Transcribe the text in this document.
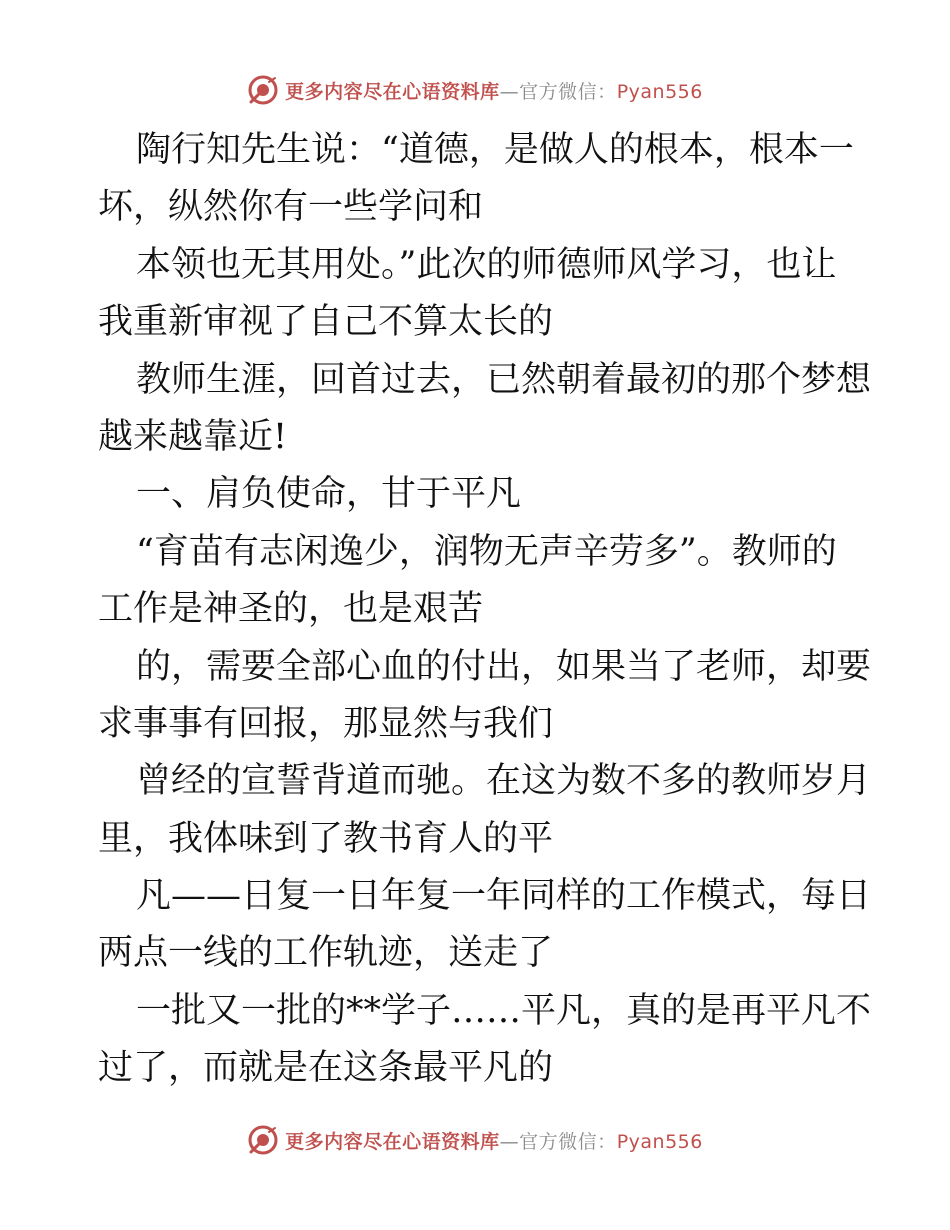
更多内容尽在心语资料库—官方微信：Pyan556
陶行知先生说：“道德，是做人的根本，根本一
坏，纵然你有一些学问和
本领也无其用处。”此次的师德师风学习，也让
我重新审视了自己不算太长的
教师生涯，回首过去，已然朝着最初的那个梦想
越来越靠近!
一、肩负使命，甘于平凡
“育苗有志闲逸少，润物无声辛劳多”。教师的
工作是神圣的，也是艰苦
的，需要全部心血的付出，如果当了老师，却要
求事事有回报，那显然与我们
曾经的宣誓背道而驰。在这为数不多的教师岁月
里，我体味到了教书育人的平
凡——日复一日年复一年同样的工作模式，每日
两点一线的工作轨迹，送走了
一批又一批的**学子……平凡，真的是再平凡不
过了，而就是在这条最平凡的
更多内容尽在心语资料库—官方微信：Pyan556
